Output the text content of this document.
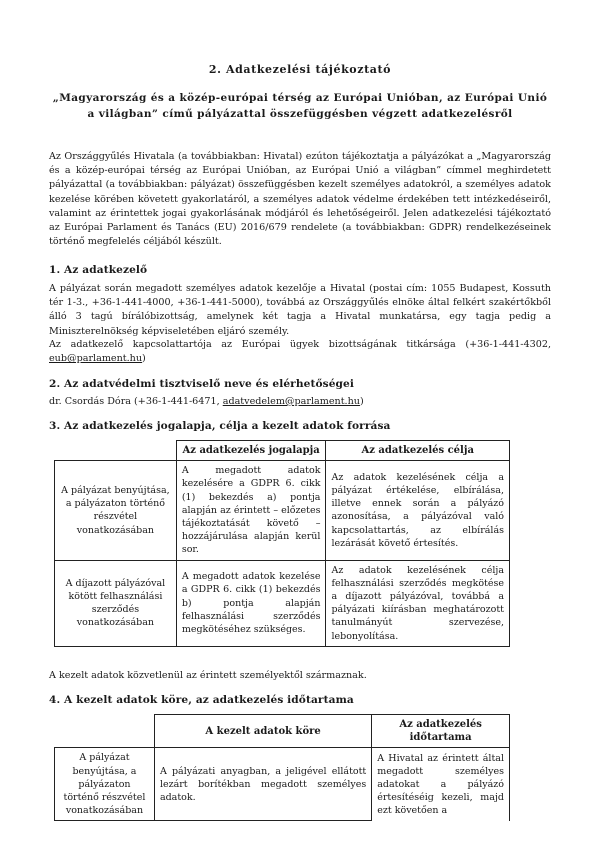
2. Adatkezelési tájékoztató
„Magyarország és a közép-európai térség az Európai Unióban, az Európai Unió a világban” című pályázattal összefüggésben végzett adatkezelésről
Az Országgyűlés Hivatala (a továbbiakban: Hivatal) ezúton tájékoztatja a pályázókat a „Magyarország és a közép-európai térség az Európai Unióban, az Európai Unió a világban” címmel meghirdetett pályázattal (a továbbiakban: pályázat) összefüggésben kezelt személyes adatokról, a személyes adatok kezelése körében követett gyakorlatáról, a személyes adatok védelme érdekében tett intézkedéseiről, valamint az érintettek jogai gyakorlásának módjáról és lehetőségeiről. Jelen adatkezelési tájékoztató az Európai Parlament és Tanács (EU) 2016/679 rendelete (a továbbiakban: GDPR) rendelkezéseinek történő megfelelés céljából készült.
1. Az adatkezelő
A pályázat során megadott személyes adatok kezelője a Hivatal (postai cím: 1055 Budapest, Kossuth tér 1-3., +36-1-441-4000, +36-1-441-5000), továbbá az Országgyűlés elnöke által felkért szakértőkből álló 3 tagú bírálóbizottság, amelynek két tagja a Hivatal munkatársa, egy tagja pedig a Miniszterelnökség képviseletében eljáró személy.
Az adatkezelő kapcsolattartója az Európai ügyek bizottságának titkársága (+36-1-441-4302, eub@parlament.hu)
2. Az adatvédelmi tisztviselő neve és elérhetőségei
dr. Csordás Dóra (+36-1-441-6471, adatvedelem@parlament.hu)
3. Az adatkezelés jogalapja, célja a kezelt adatok forrása
	Az adatkezelés jogalapja	Az adatkezelés célja
A pályázat benyújtása, a pályázaton történő részvétel vonatkozásában	A megadott adatok kezelésére a GDPR 6. cikk (1) bekezdés a) pontja alapján az érintett – előzetes tájékoztatását követő – hozzájárulása alapján kerül sor.	Az adatok kezelésének célja a pályázat értékelése, elbírálása, illetve ennek során a pályázó azonosítása, a pályázóval való kapcsolattartás, az elbírálás lezárását követő értesítés.
A díjazott pályázóval kötött felhasználási szerződés vonatkozásában	A megadott adatok kezelése a GDPR 6. cikk (1) bekezdés b) pontja alapján felhasználási szerződés megkötéséhez szükséges.	Az adatok kezelésének célja felhasználási szerződés megkötése a díjazott pályázóval, továbbá a pályázati kiírásban meghatározott tanulmányút szervezése, lebonyolítása.
A kezelt adatok közvetlenül az érintett személyektől származnak.
4. A kezelt adatok köre, az adatkezelés időtartama
	A kezelt adatok köre	Az adatkezelés időtartama
A pályázat benyújtása, a pályázaton történő részvétel vonatkozásában	A pályázati anyagban, a jeligével ellátott lezárt borítékban megadott személyes adatok.	A Hivatal az érintett által megadott személyes adatokat a pályázó értesítéséig kezeli, majd ezt követően a
